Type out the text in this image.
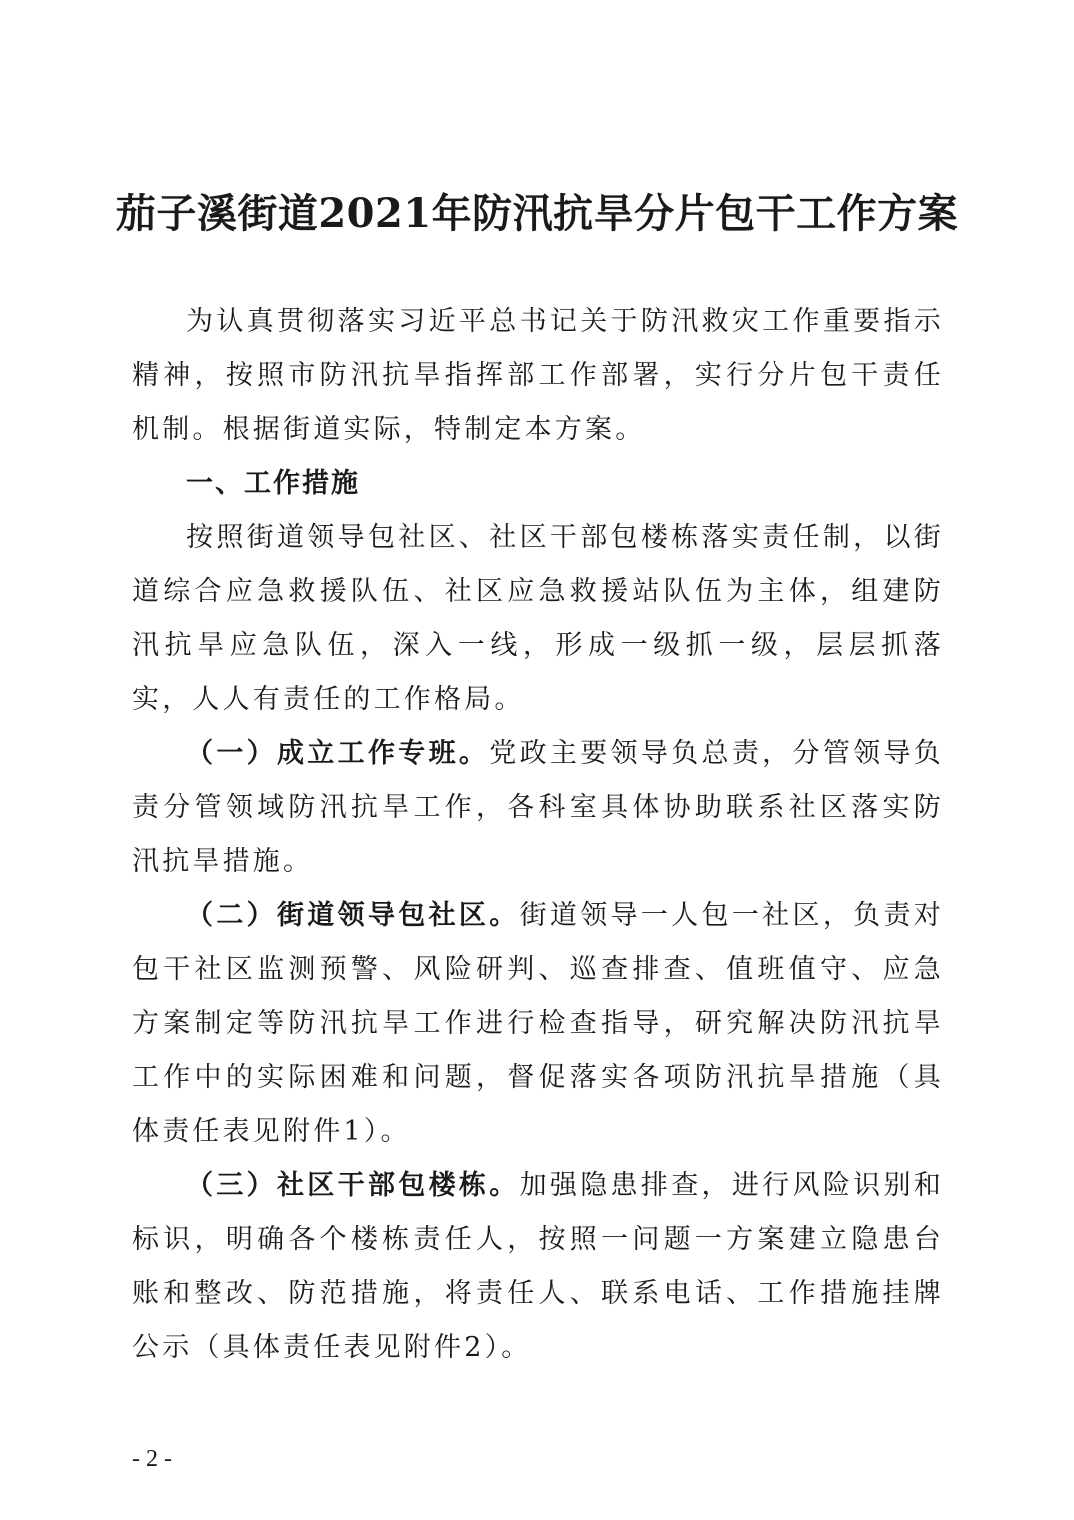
茄子溪街道2021年防汛抗旱分片包干工作方案

为认真贯彻落实习近平总书记关于防汛救灾工作重要指示精神，按照市防汛抗旱指挥部工作部署，实行分片包干责任机制。根据街道实际，特制定本方案。

一、工作措施

按照街道领导包社区、社区干部包楼栋落实责任制，以街道综合应急救援队伍、社区应急救援站队伍为主体，组建防汛抗旱应急队伍，深入一线，形成一级抓一级，层层抓落实，人人有责任的工作格局。

（一）成立工作专班。党政主要领导负总责，分管领导负责分管领域防汛抗旱工作，各科室具体协助联系社区落实防汛抗旱措施。

（二）街道领导包社区。街道领导一人包一社区，负责对包干社区监测预警、风险研判、巡查排查、值班值守、应急方案制定等防汛抗旱工作进行检查指导，研究解决防汛抗旱工作中的实际困难和问题，督促落实各项防汛抗旱措施（具体责任表见附件1）。

（三）社区干部包楼栋。加强隐患排查，进行风险识别和标识，明确各个楼栋责任人，按照一问题一方案建立隐患台账和整改、防范措施，将责任人、联系电话、工作措施挂牌公示（具体责任表见附件2）。

- 2 -
